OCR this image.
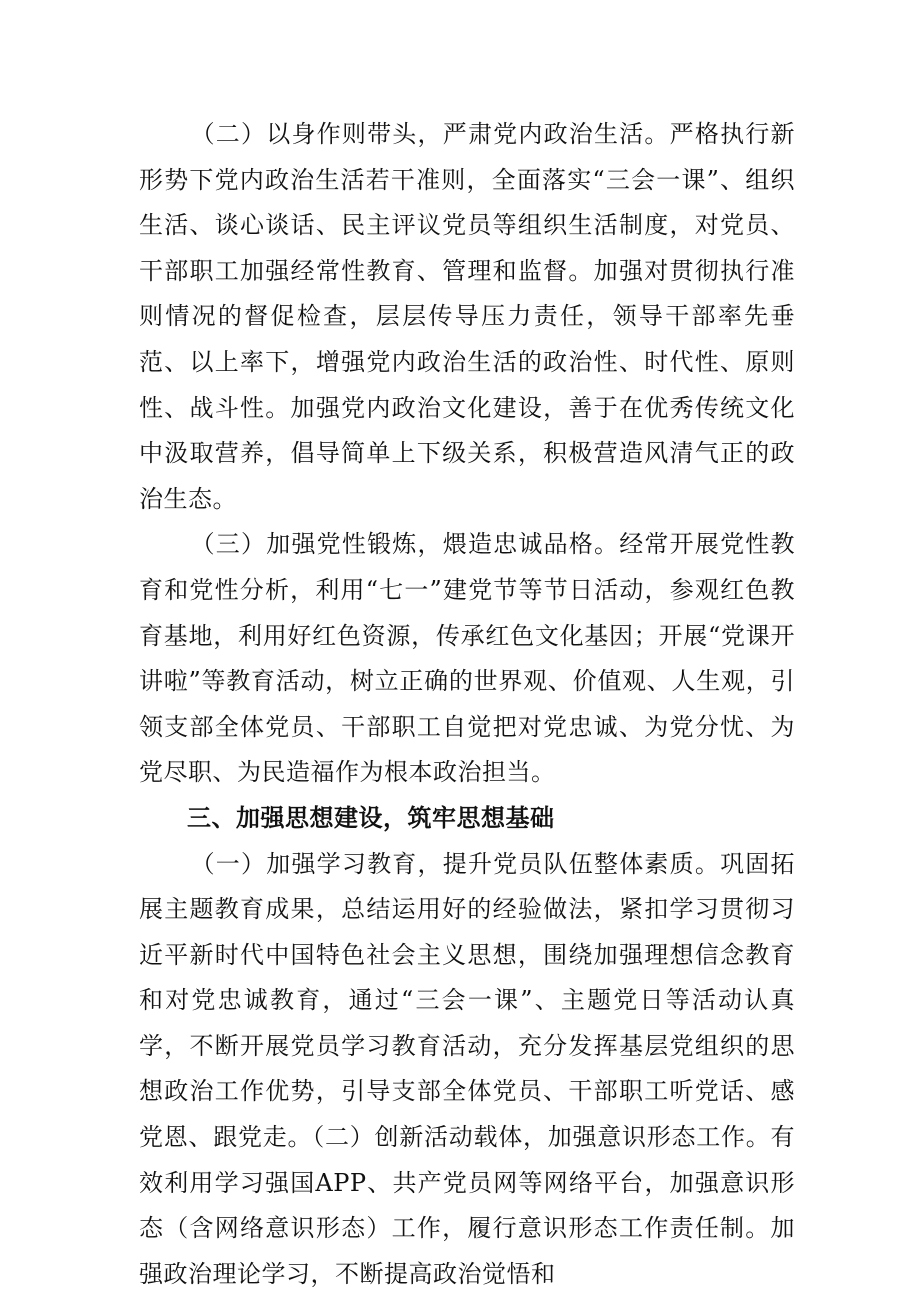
（二）以身作则带头，严肃党内政治生活。严格执行新形势下党内政治生活若干准则，全面落实“三会一课”、组织生活、谈心谈话、民主评议党员等组织生活制度，对党员、干部职工加强经常性教育、管理和监督。加强对贯彻执行准则情况的督促检查，层层传导压力责任，领导干部率先垂范、以上率下，增强党内政治生活的政治性、时代性、原则性、战斗性。加强党内政治文化建设，善于在优秀传统文化中汲取营养，倡导简单上下级关系，积极营造风清气正的政治生态。

（三）加强党性锻炼，煨造忠诚品格。经常开展党性教育和党性分析，利用“七一”建党节等节日活动，参观红色教育基地，利用好红色资源，传承红色文化基因；开展“党课开讲啦”等教育活动，树立正确的世界观、价值观、人生观，引领支部全体党员、干部职工自觉把对党忠诚、为党分忧、为党尽职、为民造福作为根本政治担当。

三、加强思想建设，筑牢思想基础

（一）加强学习教育，提升党员队伍整体素质。巩固拓展主题教育成果，总结运用好的经验做法，紧扣学习贯彻习近平新时代中国特色社会主义思想，围绕加强理想信念教育和对党忠诚教育，通过“三会一课”、主题党日等活动认真学，不断开展党员学习教育活动，充分发挥基层党组织的思想政治工作优势，引导支部全体党员、干部职工听党话、感党恩、跟党走。（二）创新活动载体，加强意识形态工作。有效利用学习强国APP、共产党员网等网络平台，加强意识形态（含网络意识形态）工作，履行意识形态工作责任制。加强政治理论学习，不断提高政治觉悟和
